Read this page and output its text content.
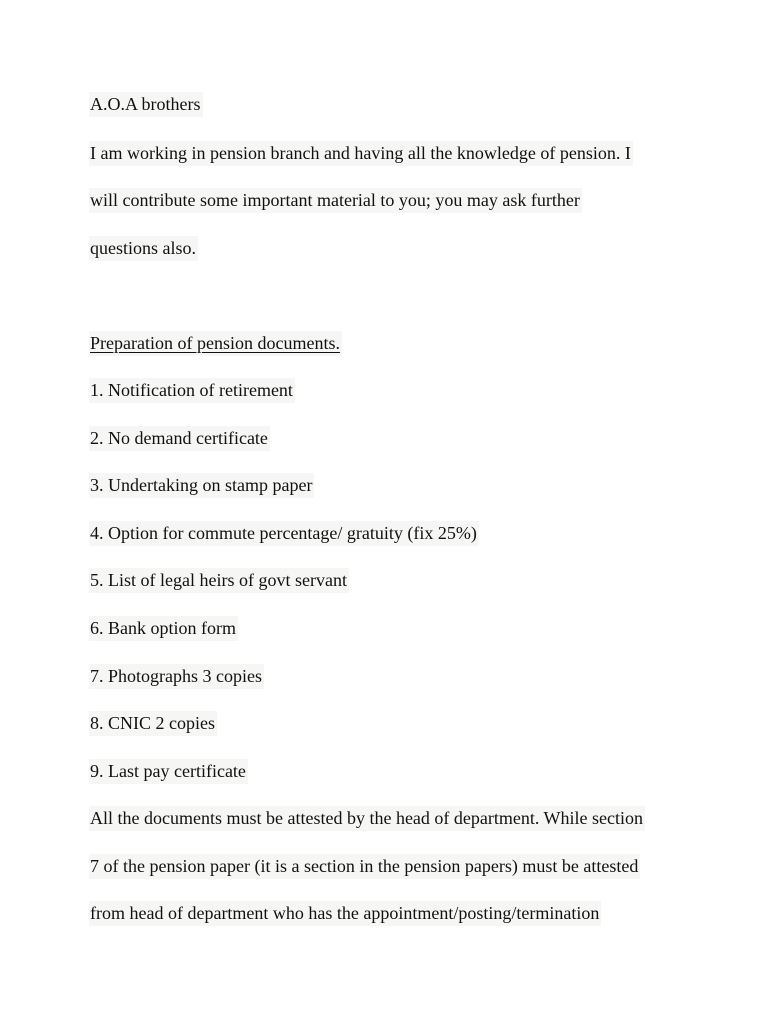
A.O.A brothers
I am working in pension branch and having all the knowledge of pension. I
will contribute some important material to you; you may ask further
questions also.
Preparation of pension documents.
1. Notification of retirement
2. No demand certificate
3. Undertaking on stamp paper
4. Option for commute percentage/ gratuity (fix 25%)
5. List of legal heirs of govt servant
6. Bank option form
7. Photographs 3 copies
8. CNIC 2 copies
9. Last pay certificate
All the documents must be attested by the head of department. While section
7 of the pension paper (it is a section in the pension papers) must be attested
from head of department who has the appointment/posting/termination
